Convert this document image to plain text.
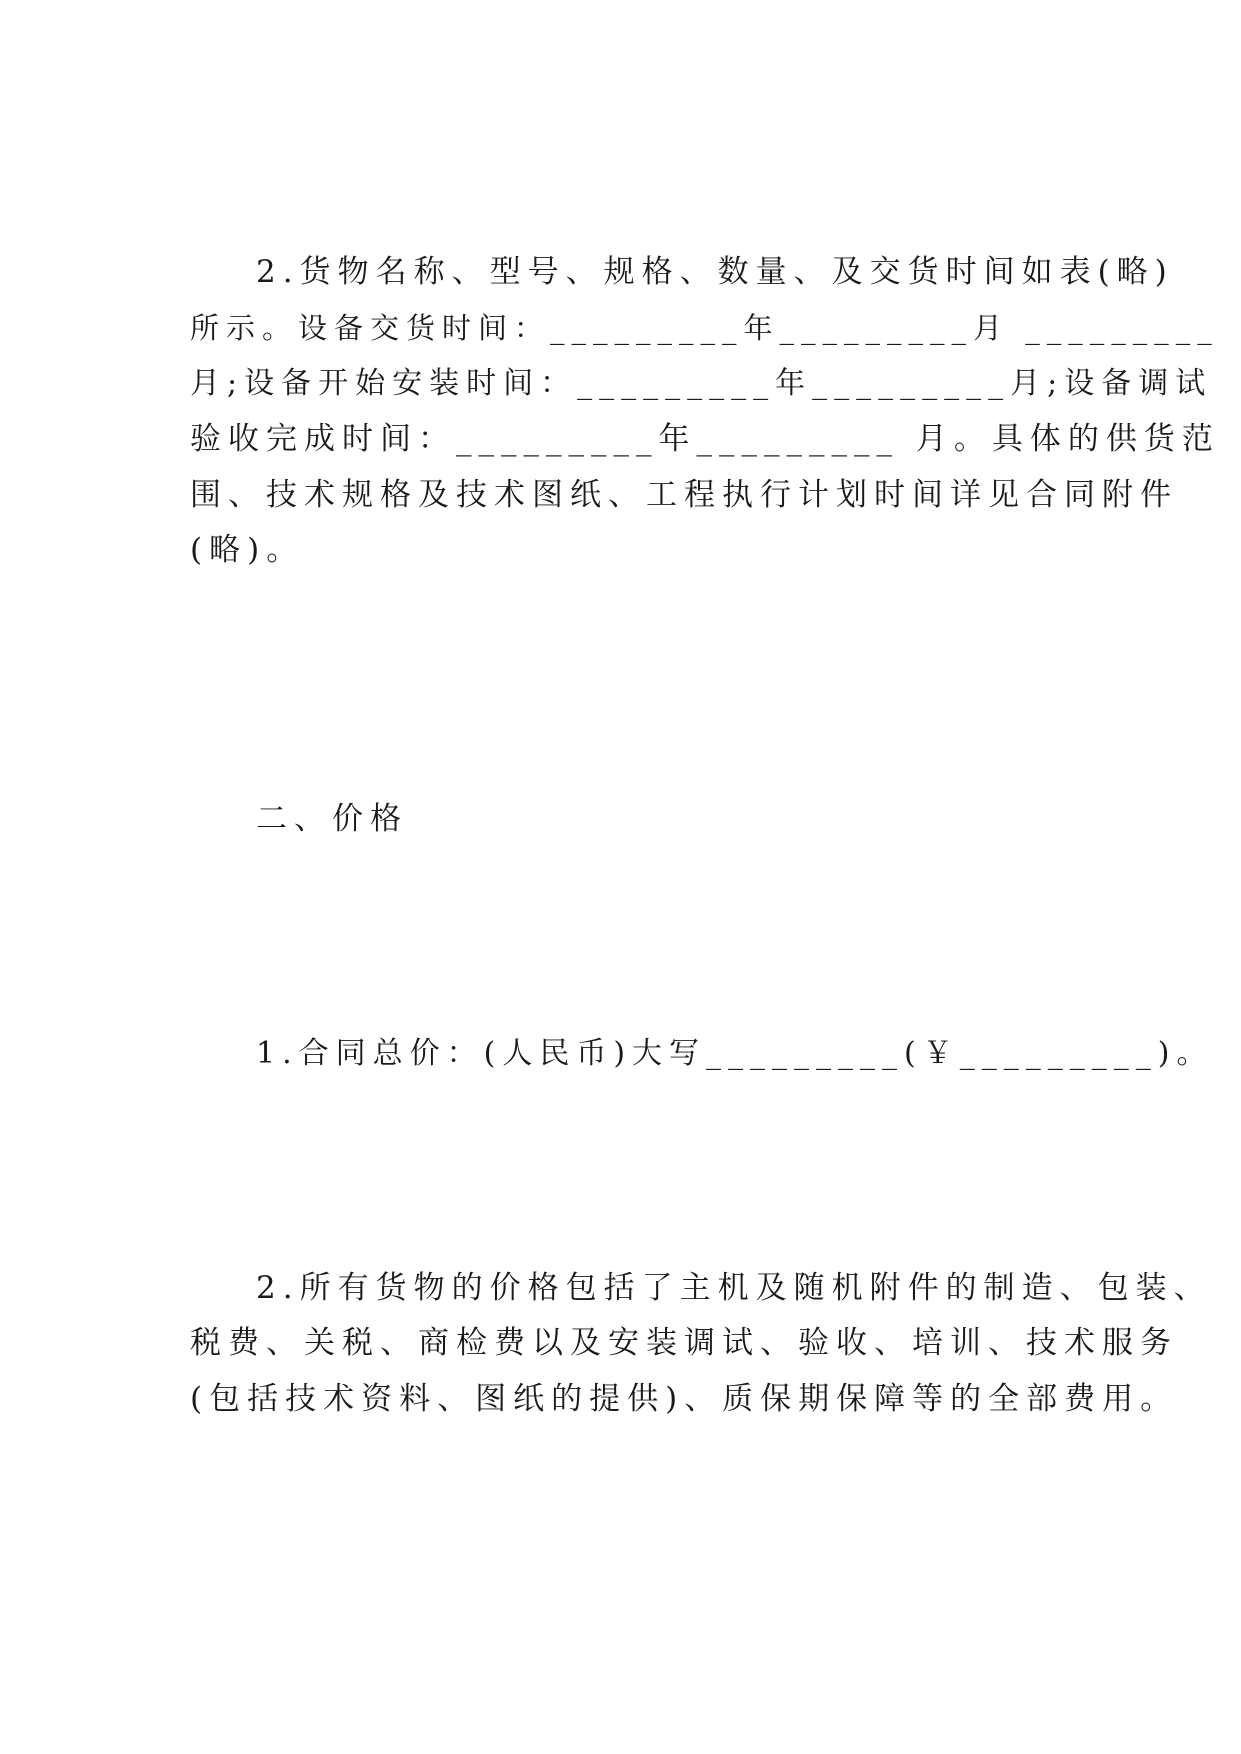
2.货物名称、型号、规格、数量、及交货时间如表(略)
所示。设备交货时间：_________年_________月 _________
月;设备开始安装时间：_________年_________月;设备调试
验收完成时间：_________年_________ 月。具体的供货范
围、技术规格及技术图纸、工程执行计划时间详见合同附件
(略)。
二、价格
1.合同总价：(人民币)大写_________(￥_________)。
2.所有货物的价格包括了主机及随机附件的制造、包装、
税费、关税、商检费以及安装调试、验收、培训、技术服务
(包括技术资料、图纸的提供)、质保期保障等的全部费用。
